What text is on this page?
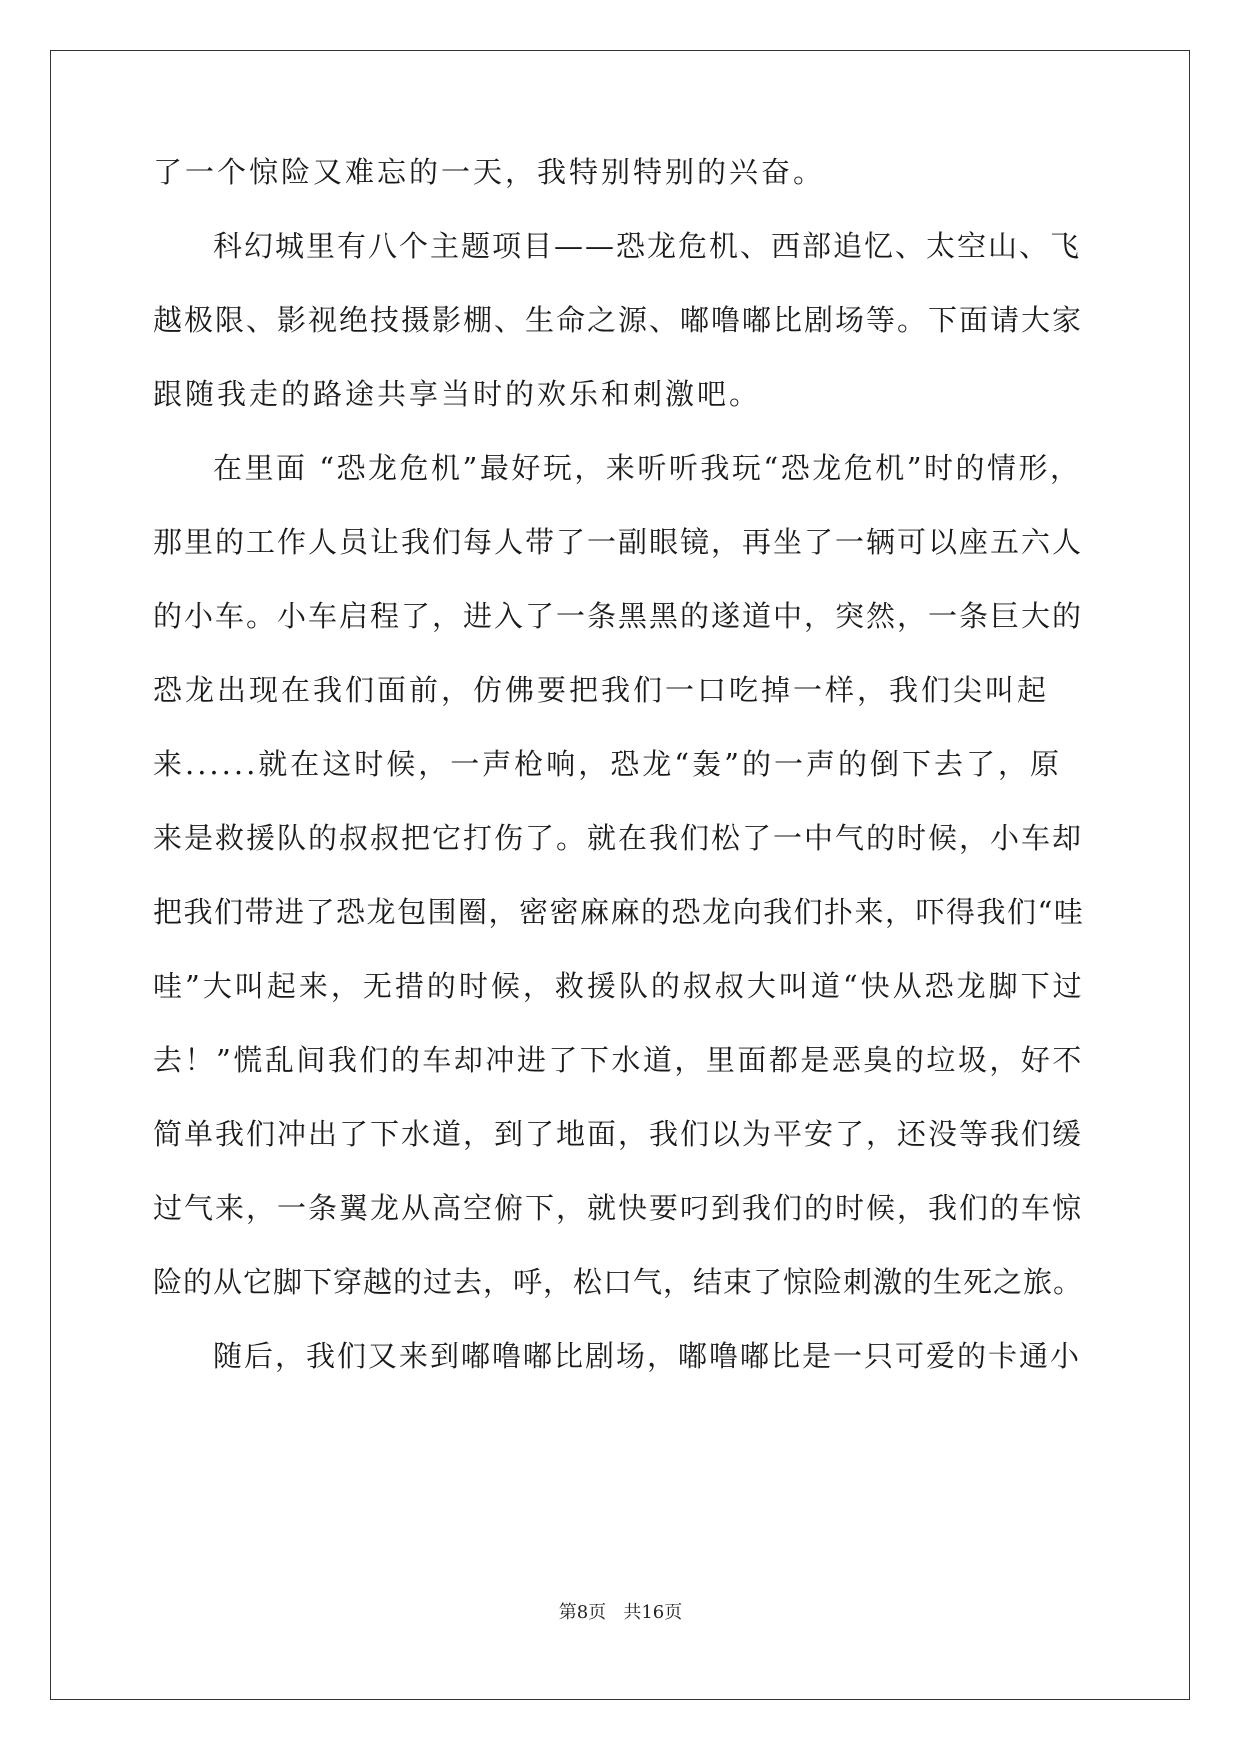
了一个惊险又难忘的一天，我特别特别的兴奋。
科幻城里有八个主题项目——恐龙危机、西部追忆、太空山、飞
越极限、影视绝技摄影棚、生命之源、嘟噜嘟比剧场等。下面请大家
跟随我走的路途共享当时的欢乐和刺激吧。
在里面 “恐龙危机”最好玩，来听听我玩“恐龙危机”时的情形，
那里的工作人员让我们每人带了一副眼镜，再坐了一辆可以座五六人
的小车。小车启程了，进入了一条黑黑的遂道中，突然，一条巨大的
恐龙出现在我们面前，仿佛要把我们一口吃掉一样，我们尖叫起
来......就在这时候，一声枪响，恐龙“轰”的一声的倒下去了，原
来是救援队的叔叔把它打伤了。就在我们松了一中气的时候，小车却
把我们带进了恐龙包围圈，密密麻麻的恐龙向我们扑来，吓得我们“哇
哇”大叫起来，无措的时候，救援队的叔叔大叫道“快从恐龙脚下过
去！”慌乱间我们的车却冲进了下水道，里面都是恶臭的垃圾，好不
简单我们冲出了下水道，到了地面，我们以为平安了，还没等我们缓
过气来，一条翼龙从高空俯下，就快要叼到我们的时候，我们的车惊
险的从它脚下穿越的过去，呼，松口气，结束了惊险刺激的生死之旅。
随后，我们又来到嘟噜嘟比剧场，嘟噜嘟比是一只可爱的卡通小
第8页   共16页
